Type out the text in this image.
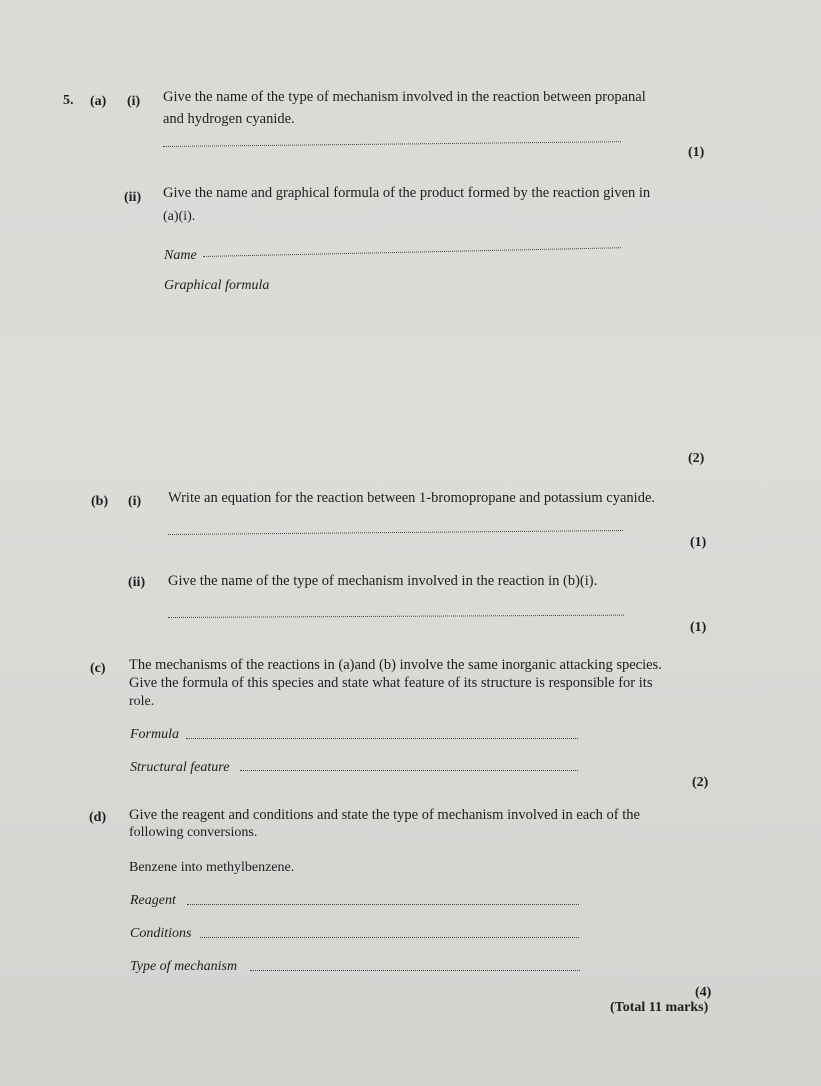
5. (a) (i) Give the name of the type of mechanism involved in the reaction between propanal
and hydrogen cyanide.
(1)
(ii) Give the name and graphical formula of the product formed by the reaction given in
(a)(i).
Name
Graphical formula
(2)
(b) (i) Write an equation for the reaction between 1-bromopropane and potassium cyanide.
(1)
(ii) Give the name of the type of mechanism involved in the reaction in (b)(i).
(1)
(c) The mechanisms of the reactions in (a)and (b) involve the same inorganic attacking species.
Give the formula of this species and state what feature of its structure is responsible for its
role.
Formula
Structural feature
(2)
(d) Give the reagent and conditions and state the type of mechanism involved in each of the
following conversions.
Benzene into methylbenzene.
Reagent
Conditions
Type of mechanism
(4)
(Total 11 marks)
